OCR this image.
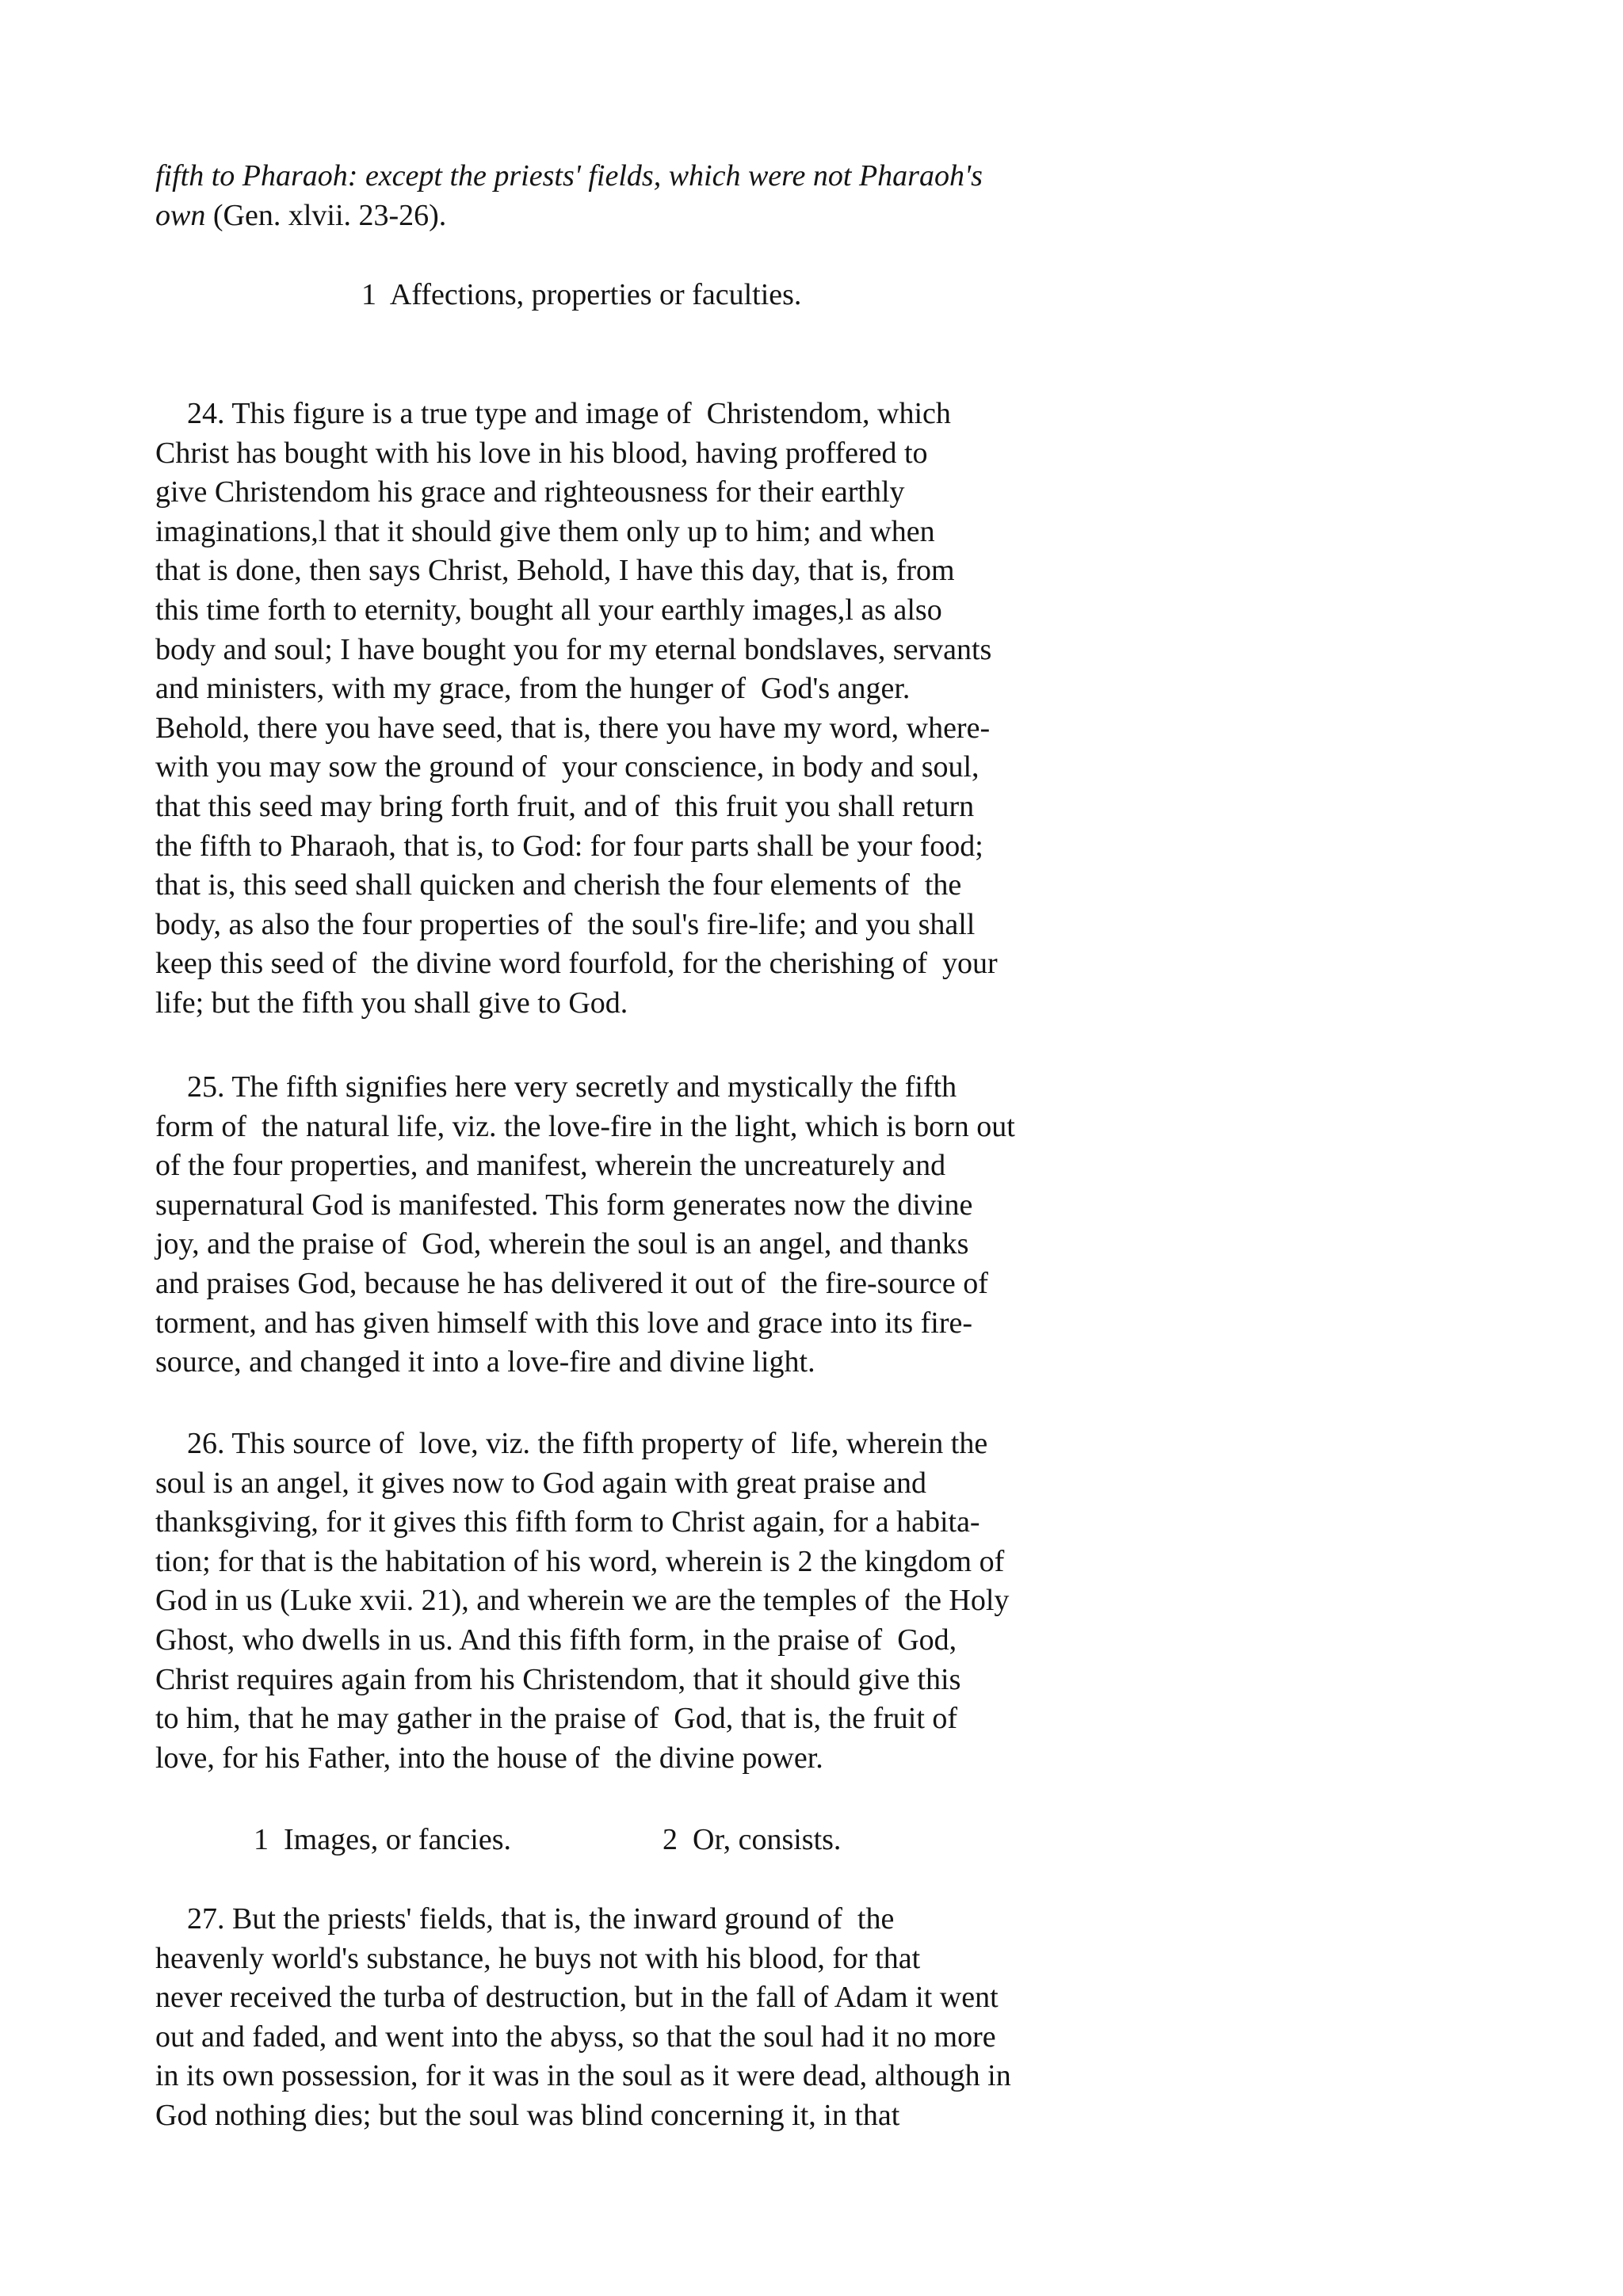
fifth to Pharaoh: except the priests' fields, which were not Pharaoh's
own (Gen. xlvii. 23-26).

1  Affections, properties or faculties.

24. This figure is a true type and image of  Christendom, which
Christ has bought with his love in his blood, having proffered to
give Christendom his grace and righteousness for their earthly
imaginations,l that it should give them only up to him; and when
that is done, then says Christ, Behold, I have this day, that is, from
this time forth to eternity, bought all your earthly images,l as also
body and soul; I have bought you for my eternal bondslaves, servants
and ministers, with my grace, from the hunger of  God's anger.
Behold, there you have seed, that is, there you have my word, where-
with you may sow the ground of  your conscience, in body and soul,
that this seed may bring forth fruit, and of  this fruit you shall return
the fifth to Pharaoh, that is, to God: for four parts shall be your food;
that is, this seed shall quicken and cherish the four elements of  the
body, as also the four properties of  the soul's fire-life; and you shall
keep this seed of  the divine word fourfold, for the cherishing of  your
life; but the fifth you shall give to God.
25. The fifth signifies here very secretly and mystically the fifth
form of  the natural life, viz. the love-fire in the light, which is born out
of the four properties, and manifest, wherein the uncreaturely and
supernatural God is manifested. This form generates now the divine
joy, and the praise of  God, wherein the soul is an angel, and thanks
and praises God, because he has delivered it out of  the fire-source of
torment, and has given himself with this love and grace into its fire-
source, and changed it into a love-fire and divine light.
26. This source of  love, viz. the fifth property of  life, wherein the
soul is an angel, it gives now to God again with great praise and
thanksgiving, for it gives this fifth form to Christ again, for a habita-
tion; for that is the habitation of his word, wherein is 2 the kingdom of
God in us (Luke xvii. 21), and wherein we are the temples of  the Holy
Ghost, who dwells in us. And this fifth form, in the praise of  God,
Christ requires again from his Christendom, that it should give this
to him, that he may gather in the praise of  God, that is, the fruit of
love, for his Father, into the house of  the divine power.

1  Images, or fancies.	2  Or, consists.

27. But the priests' fields, that is, the inward ground of  the
heavenly world's substance, he buys not with his blood, for that
never received the turba of destruction, but in the fall of Adam it went
out and faded, and went into the abyss, so that the soul had it no more
in its own possession, for it was in the soul as it were dead, although in
God nothing dies; but the soul was blind concerning it, in that
